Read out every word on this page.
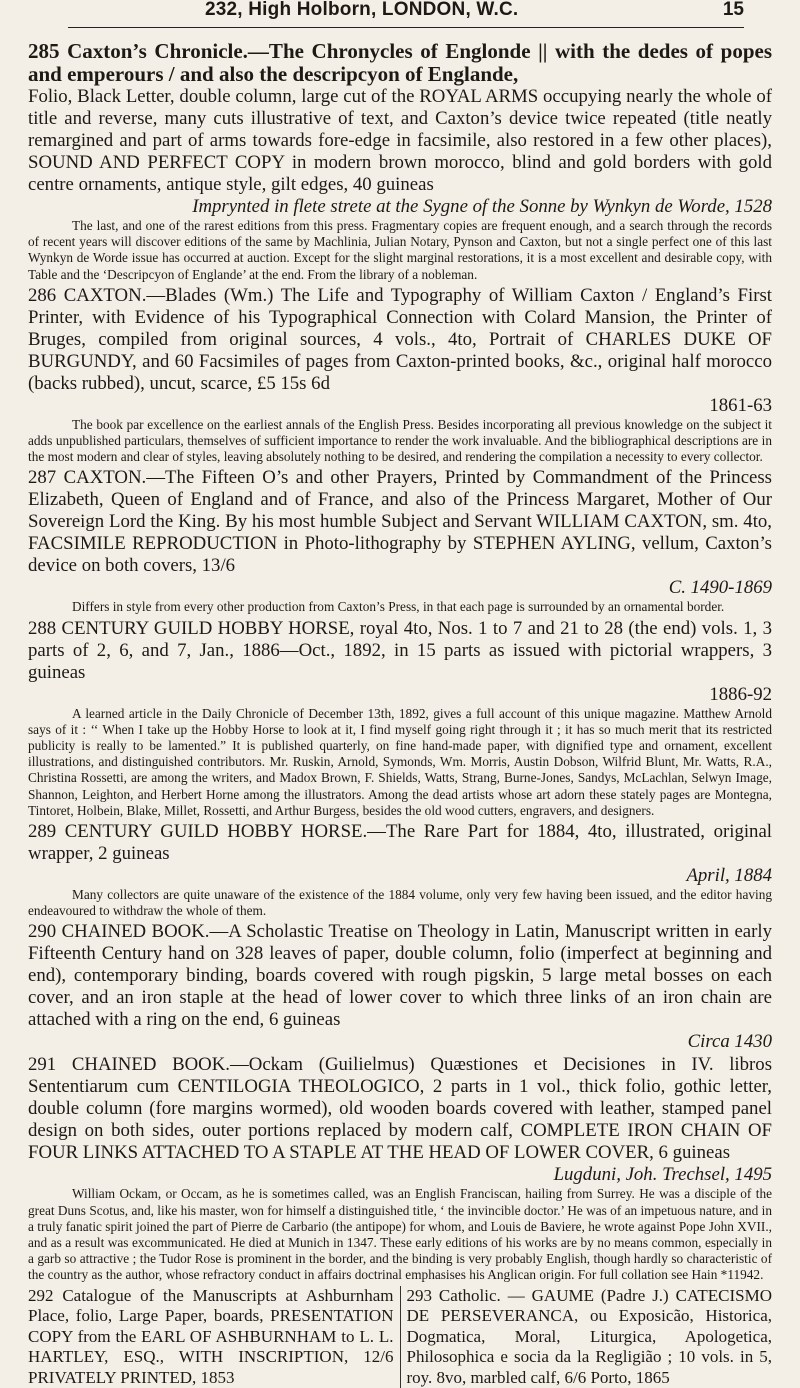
232, High Holborn, LONDON, W.C.	15
285 Caxton’s Chronicle.—The Chronycles of Englonde || with the dedes of popes and emperours / and also the descripcyon of Englande,
Folio, Black Letter, double column, large cut of the ROYAL ARMS occupying nearly the whole of title and reverse, many cuts illustrative of text, and Caxton’s device twice repeated (title neatly remargined and part of arms towards fore-edge in facsimile, also restored in a few other places), SOUND AND PERFECT COPY in modern brown morocco, blind and gold borders with gold centre ornaments, antique style, gilt edges, 40 guineas
Imprynted in flete strete at the Sygne of the Sonne by Wynkyn de Worde, 1528
The last, and one of the rarest editions from this press. Fragmentary copies are frequent enough, and a search through the records of recent years will discover editions of the same by Machlinia, Julian Notary, Pynson and Caxton, but not a single perfect one of this last Wynkyn de Worde issue has occurred at auction. Except for the slight marginal restorations, it is a most excellent and desirable copy, with Table and the ‘Descripcyon of Englande’ at the end. From the library of a nobleman.
286 CAXTON.—Blades (Wm.) The Life and Typography of William Caxton / England’s First Printer, with Evidence of his Typographical Connection with Colard Mansion, the Printer of Bruges, compiled from original sources, 4 vols., 4to, Portrait of CHARLES DUKE OF BURGUNDY, and 60 Facsimiles of pages from Caxton-printed books, &c., original half morocco (backs rubbed), uncut, scarce, £5 15s 6d
1861-63
The book par excellence on the earliest annals of the English Press. Besides incorporating all previous knowledge on the subject it adds unpublished particulars, themselves of sufficient importance to render the work invaluable. And the bibliographical descriptions are in the most modern and clear of styles, leaving absolutely nothing to be desired, and rendering the compilation a necessity to every collector.
287 CAXTON.—The Fifteen O’s and other Prayers, Printed by Commandment of the Princess Elizabeth, Queen of England and of France, and also of the Princess Margaret, Mother of Our Sovereign Lord the King. By his most humble Subject and Servant WILLIAM CAXTON, sm. 4to, FACSIMILE REPRODUCTION in Photo-lithography by STEPHEN AYLING, vellum, Caxton’s device on both covers, 13/6
C. 1490-1869
Differs in style from every other production from Caxton’s Press, in that each page is surrounded by an ornamental border.
288 CENTURY GUILD HOBBY HORSE, royal 4to, Nos. 1 to 7 and 21 to 28 (the end) vols. 1, 3 parts of 2, 6, and 7, Jan., 1886—Oct., 1892, in 15 parts as issued with pictorial wrappers, 3 guineas
1886-92
A learned article in the Daily Chronicle of December 13th, 1892, gives a full account of this unique magazine. Matthew Arnold says of it : ‘‘ When I take up the Hobby Horse to look at it, I find myself going right through it ; it has so much merit that its restricted publicity is really to be lamented.” It is published quarterly, on fine hand-made paper, with dignified type and ornament, excellent illustrations, and distinguished contributors. Mr. Ruskin, Arnold, Symonds, Wm. Morris, Austin Dobson, Wilfrid Blunt, Mr. Watts, R.A., Christina Rossetti, are among the writers, and Madox Brown, F. Shields, Watts, Strang, Burne-Jones, Sandys, McLachlan, Selwyn Image, Shannon, Leighton, and Herbert Horne among the illustrators. Among the dead artists whose art adorn these stately pages are Montegna, Tintoret, Holbein, Blake, Millet, Rossetti, and Arthur Burgess, besides the old wood cutters, engravers, and designers.
289 CENTURY GUILD HOBBY HORSE.—The Rare Part for 1884, 4to, illustrated, original wrapper, 2 guineas
April, 1884
Many collectors are quite unaware of the existence of the 1884 volume, only very few having been issued, and the editor having endeavoured to withdraw the whole of them.
290 CHAINED BOOK.—A Scholastic Treatise on Theology in Latin, Manuscript written in early Fifteenth Century hand on 328 leaves of paper, double column, folio (imperfect at beginning and end), contemporary binding, boards covered with rough pigskin, 5 large metal bosses on each cover, and an iron staple at the head of lower cover to which three links of an iron chain are attached with a ring on the end, 6 guineas
Circa 1430
291 CHAINED BOOK.—Ockam (Guilielmus) Quæstiones et Decisiones in IV. libros Sententiarum cum CENTILOGIA THEOLOGICO, 2 parts in 1 vol., thick folio, gothic letter, double column (fore margins wormed), old wooden boards covered with leather, stamped panel design on both sides, outer portions replaced by modern calf, COMPLETE IRON CHAIN OF FOUR LINKS ATTACHED TO A STAPLE AT THE HEAD OF LOWER COVER, 6 guineas
Lugduni, Joh. Trechsel, 1495
William Ockam, or Occam, as he is sometimes called, was an English Franciscan, hailing from Surrey. He was a disciple of the great Duns Scotus, and, like his master, won for himself a distinguished title, ‘ the invincible doctor.’ He was of an impetuous nature, and in a truly fanatic spirit joined the part of Pierre de Carbario (the antipope) for whom, and Louis de Baviere, he wrote against Pope John XVII., and as a result was excommunicated. He died at Munich in 1347. These early editions of his works are by no means common, especially in a garb so attractive ; the Tudor Rose is prominent in the border, and the binding is very probably English, though hardly so characteristic of the country as the author, whose refractory conduct in affairs doctrinal emphasises his Anglican origin. For full collation see Hain *11942.
292 Catalogue of the Manuscripts at Ashburnham Place, folio, Large Paper, boards, PRESENTATION COPY from the EARL OF ASHBURNHAM to L. L. HARTLEY, ESQ., WITH INSCRIPTION, 12/6 PRIVATELY PRINTED, 1853
293 Catholic. — GAUME (Padre J.) CATECISMO DE PERSEVERANCA, ou Exposicão, Historica, Dogmatica, Moral, Liturgica, Apologetica, Philosophica e socia da la Regligião ; 10 vols. in 5, roy. 8vo, marbled calf, 6/6 Porto, 1865
